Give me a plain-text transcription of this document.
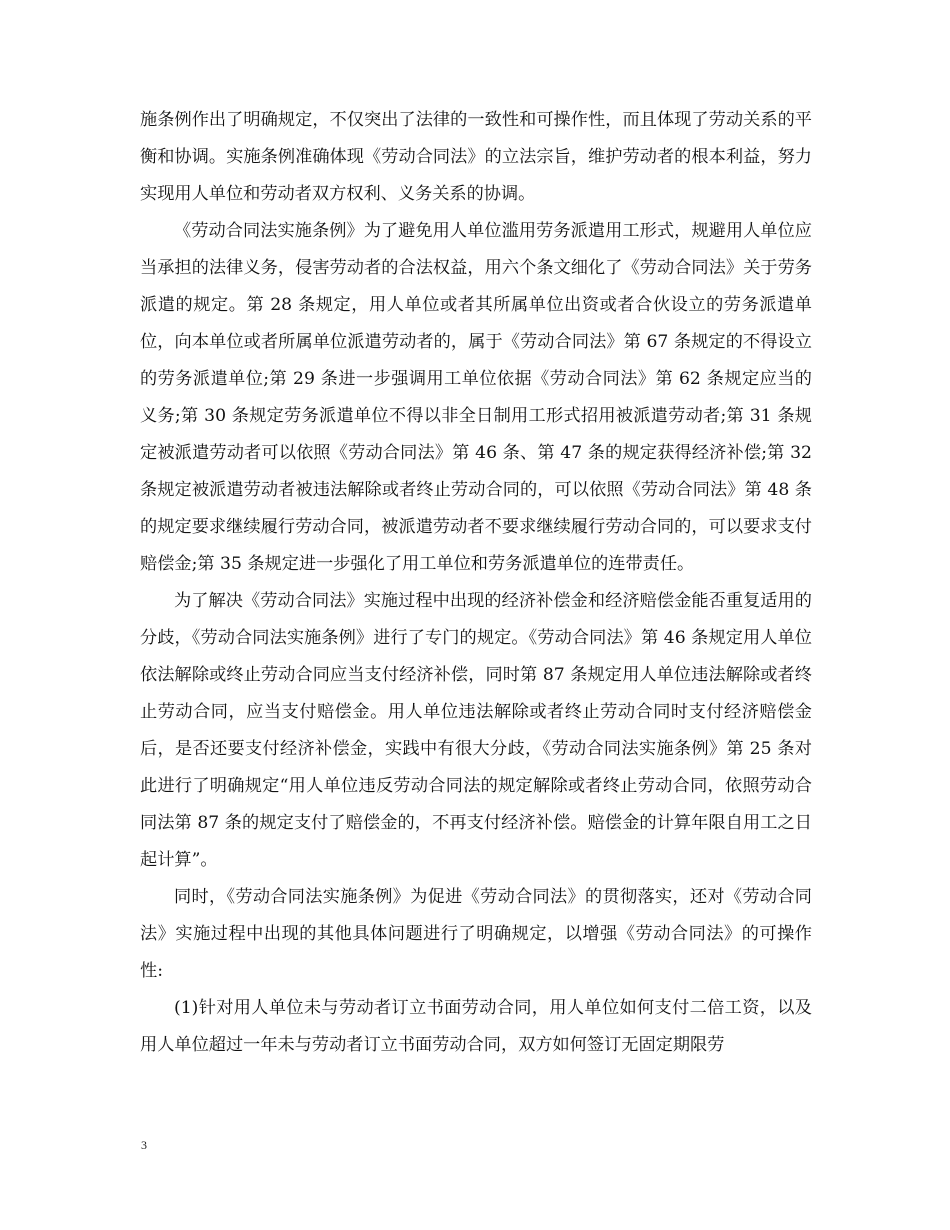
施条例作出了明确规定，不仅突出了法律的一致性和可操作性，而且体现了劳动关系的平衡和协调。实施条例准确体现《劳动合同法》的立法宗旨，维护劳动者的根本利益，努力实现用人单位和劳动者双方权利、义务关系的协调。

《劳动合同法实施条例》为了避免用人单位滥用劳务派遣用工形式，规避用人单位应当承担的法律义务，侵害劳动者的合法权益，用六个条文细化了《劳动合同法》关于劳务派遣的规定。第 28 条规定，用人单位或者其所属单位出资或者合伙设立的劳务派遣单位，向本单位或者所属单位派遣劳动者的，属于《劳动合同法》第 67 条规定的不得设立的劳务派遣单位;第 29 条进一步强调用工单位依据《劳动合同法》第 62 条规定应当的义务;第 30 条规定劳务派遣单位不得以非全日制用工形式招用被派遣劳动者;第 31 条规定被派遣劳动者可以依照《劳动合同法》第 46 条、第 47 条的规定获得经济补偿;第 32 条规定被派遣劳动者被违法解除或者终止劳动合同的，可以依照《劳动合同法》第 48 条的规定要求继续履行劳动合同，被派遣劳动者不要求继续履行劳动合同的，可以要求支付赔偿金;第 35 条规定进一步强化了用工单位和劳务派遣单位的连带责任。

为了解决《劳动合同法》实施过程中出现的经济补偿金和经济赔偿金能否重复适用的分歧，《劳动合同法实施条例》进行了专门的规定。《劳动合同法》第 46 条规定用人单位依法解除或终止劳动合同应当支付经济补偿，同时第 87 条规定用人单位违法解除或者终止劳动合同，应当支付赔偿金。用人单位违法解除或者终止劳动合同时支付经济赔偿金后，是否还要支付经济补偿金，实践中有很大分歧，《劳动合同法实施条例》第 25 条对此进行了明确规定“用人单位违反劳动合同法的规定解除或者终止劳动合同，依照劳动合同法第 87 条的规定支付了赔偿金的，不再支付经济补偿。赔偿金的计算年限自用工之日起计算”。

同时，《劳动合同法实施条例》为促进《劳动合同法》的贯彻落实，还对《劳动合同法》实施过程中出现的其他具体问题进行了明确规定，以增强《劳动合同法》的可操作性:

(1)针对用人单位未与劳动者订立书面劳动合同，用人单位如何支付二倍工资，以及用人单位超过一年未与劳动者订立书面劳动合同，双方如何签订无固定期限劳

3
